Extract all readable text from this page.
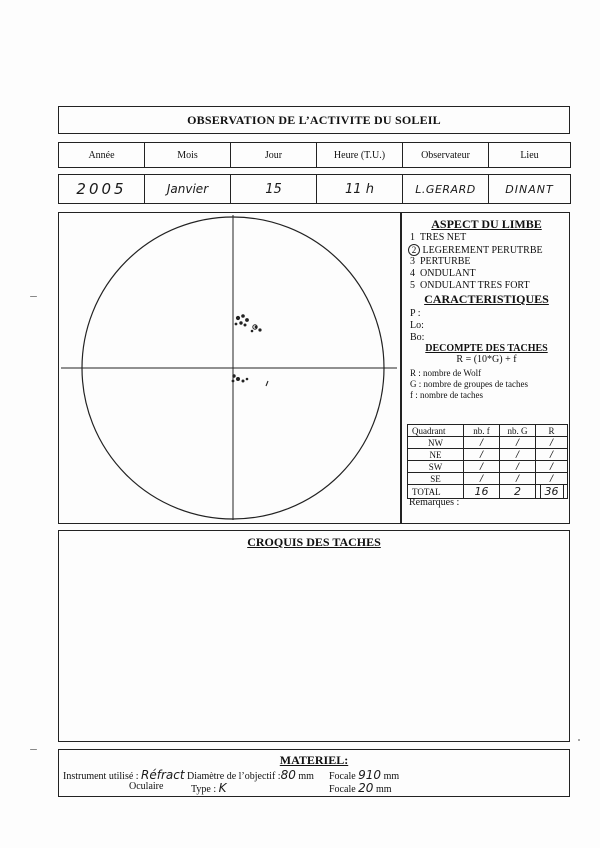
OBSERVATION DE L’ACTIVITE DU SOLEIL
Année	Mois	Jour	Heure (T.U.)	Observateur	Lieu
2005	Janvier	15	11 h	L.GERARD	DINANT
ASPECT DU LIMBE
1 TRES NET
2 LEGEREMENT PERUTRBE
3 PERTURBE
4 ONDULANT
5 ONDULANT TRES FORT
CARACTERISTIQUES
P :
Lo:
Bo:
DECOMPTE DES TACHES
R = (10*G) + f
R : nombre de Wolf
G : nombre de groupes de taches
f : nombre de taches
Quadrant	nb. f	nb. G	R
NW	∕	∕	∕
NE	∕	∕	∕
SW	∕	∕	∕
SE	∕	∕	∕
TOTAL	16	2	36
Remarques :
CROQUIS DES TACHES
MATERIEL:
Instrument utilisé : Réfract Diamètre de l’objectif :80 mm Focale 910 mm
Oculaire	Type : K	Focale 20 mm
